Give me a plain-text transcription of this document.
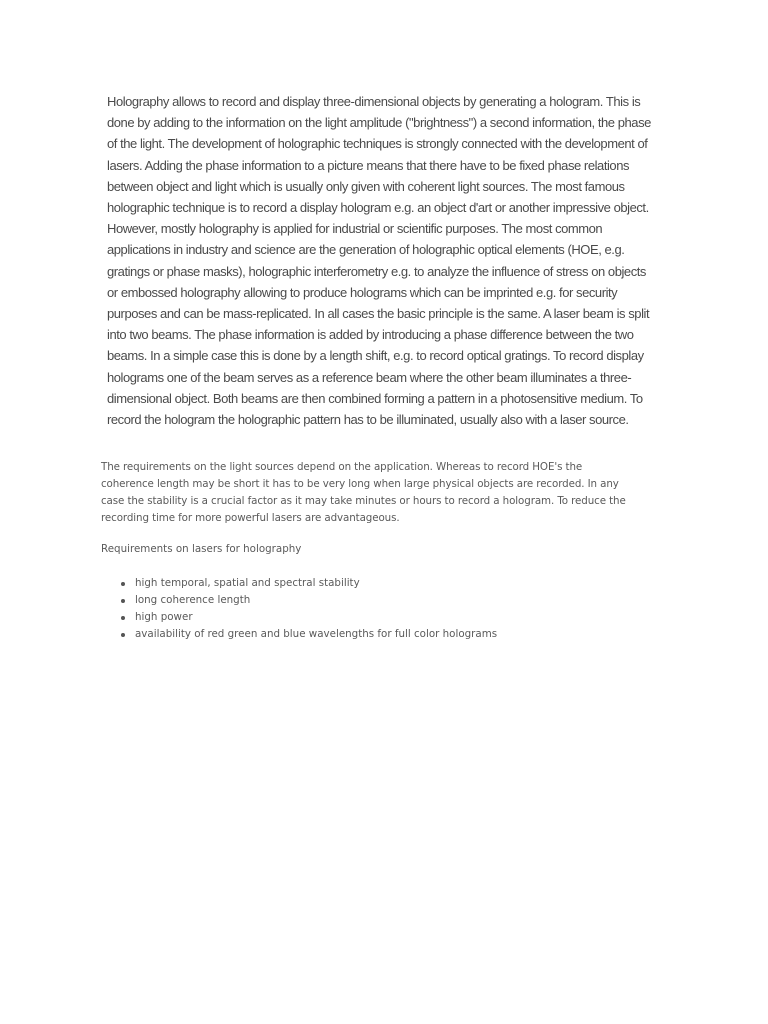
Holography allows to record and display three-dimensional objects by generating a hologram. This is

done by adding to the information on the light amplitude ("brightness") a second information, the phase

of the light. The development of holographic techniques is strongly connected with the development of

lasers. Adding the phase information to a picture means that there have to be fixed phase relations

between object and light which is usually only given with coherent light sources. The most famous

holographic technique is to record a display hologram e.g. an object d'art or another impressive object.

However, mostly holography is applied for industrial or scientific purposes. The most common

applications in industry and science are the generation of holographic optical elements (HOE, e.g.

gratings or phase masks), holographic interferometry e.g. to analyze the influence of stress on objects

or embossed holography allowing to produce holograms which can be imprinted e.g. for security

purposes and can be mass-replicated. In all cases the basic principle is the same. A laser beam is split

into two beams. The phase information is added by introducing a phase difference between the two

beams. In a simple case this is done by a length shift, e.g. to record optical gratings. To record display

holograms one of the beam serves as a reference beam where the other beam illuminates a three-

dimensional object. Both beams are then combined forming a pattern in a photosensitive medium. To

record the hologram the holographic pattern has to be illuminated, usually also with a laser source.

The requirements on the light sources depend on the application. Whereas to record HOE's the

coherence length may be short it has to be very long when large physical objects are recorded. In any

case the stability is a crucial factor as it may take minutes or hours to record a hologram. To reduce the

recording time for more powerful lasers are advantageous.

Requirements on lasers for holography

high temporal, spatial and spectral stability
long coherence length
high power
availability of red green and blue wavelengths for full color holograms
